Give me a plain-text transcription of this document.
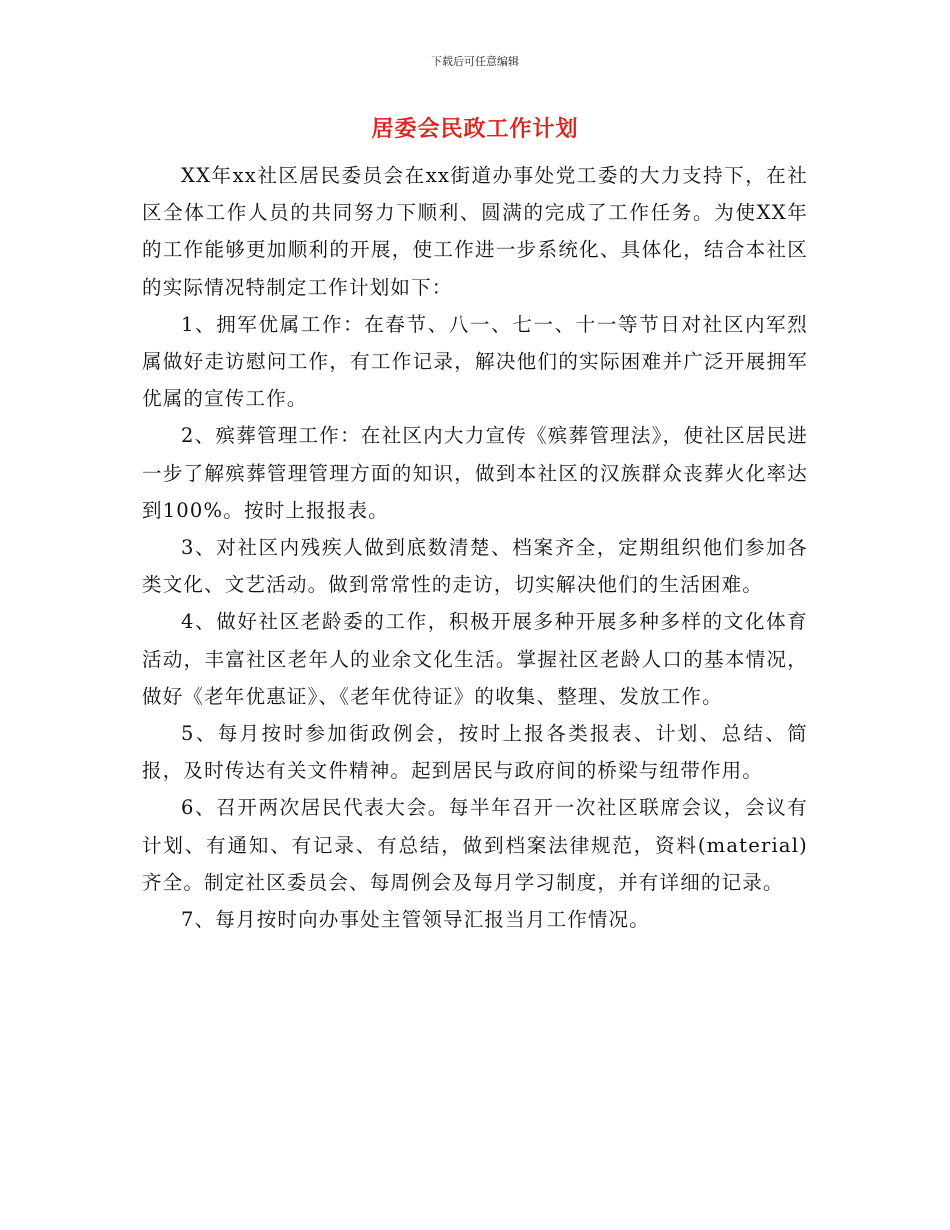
下载后可任意编辑
居委会民政工作计划

XX年xx社区居民委员会在xx街道办事处党工委的大力支持下，在社区全体工作人员的共同努力下顺利、圆满的完成了工作任务。为使XX年的工作能够更加顺利的开展，使工作进一步系统化、具体化，结合本社区的实际情况特制定工作计划如下：

1、拥军优属工作：在春节、八一、七一、十一等节日对社区内军烈属做好走访慰问工作，有工作记录，解决他们的实际困难并广泛开展拥军优属的宣传工作。

2、殡葬管理工作：在社区内大力宣传《殡葬管理法》，使社区居民进一步了解殡葬管理管理方面的知识，做到本社区的汉族群众丧葬火化率达到100%。按时上报报表。

3、对社区内残疾人做到底数清楚、档案齐全，定期组织他们参加各类文化、文艺活动。做到常常性的走访，切实解决他们的生活困难。

4、做好社区老龄委的工作，积极开展多种开展多种多样的文化体育活动，丰富社区老年人的业余文化生活。掌握社区老龄人口的基本情况，做好《老年优惠证》、《老年优待证》的收集、整理、发放工作。

5、每月按时参加街政例会，按时上报各类报表、计划、总结、简报，及时传达有关文件精神。起到居民与政府间的桥梁与纽带作用。

6、召开两次居民代表大会。每半年召开一次社区联席会议，会议有计划、有通知、有记录、有总结，做到档案法律规范，资料(material)齐全。制定社区委员会、每周例会及每月学习制度，并有详细的记录。

7、每月按时向办事处主管领导汇报当月工作情况。
